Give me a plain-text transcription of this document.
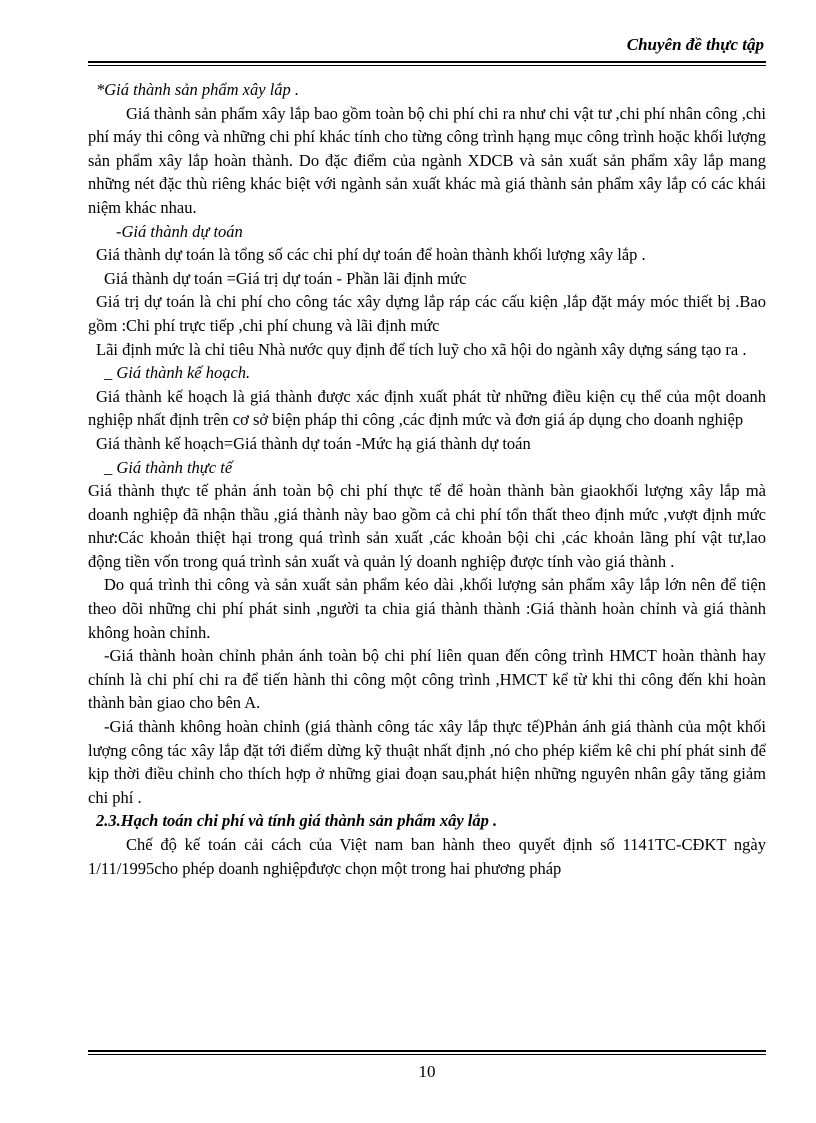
Chuyên đề thực tập

*Giá thành sản phẩm xây lắp .

Giá thành sản phẩm xây lắp bao gồm toàn bộ chi phí chi ra như chi vật tư ,chi phí nhân công ,chi phí máy thi công và những chi phí khác tính cho từng công trình hạng mục công trình hoặc khối lượng sản phẩm xây lắp hoàn thành. Do đặc điểm của ngành XDCB và sản xuất sản phẩm xây lắp mang những nét đặc thù riêng khác biệt với ngành sản xuất khác mà giá thành sản phẩm xây lắp có các khái niệm khác nhau.

-Giá thành dự toán

Giá thành dự toán là tổng số các chi phí dự toán để hoàn thành khối lượng xây lắp .

Giá thành dự toán =Giá trị dự toán - Phần lãi định mức

Giá trị dự toán là chi phí cho công tác xây dựng lắp ráp các cấu kiện ,lắp đặt máy móc thiết bị .Bao gồm :Chi phí trực tiếp ,chi phí chung và lãi định mức

Lãi định mức là chỉ tiêu Nhà nước quy định để tích luỹ cho xã hội do ngành xây dựng sáng tạo ra .

_ Giá thành kế hoạch.

Giá thành kế hoạch là giá thành được xác định xuất phát từ những điều kiện cụ thể của một doanh nghiệp nhất định trên cơ sở biện pháp thi công ,các định mức và đơn giá áp dụng cho doanh nghiệp

Giá thành kế hoạch=Giá thành dự toán -Mức hạ giá thành dự toán

_ Giá thành thực tế

Giá thành thực tế phản ánh toàn bộ chi phí thực tế để hoàn thành bàn giaokhối lượng xây lắp mà doanh nghiệp đã nhận thầu ,giá thành này bao gồm cả chi phí tổn thất theo định mức ,vượt định mức như:Các khoản thiệt hại trong quá trình sản xuất ,các khoản bội chi ,các khoản lãng phí vật tư,lao động tiền vốn trong quá trình sản xuất và quản lý doanh nghiệp được tính vào giá thành .

Do quá trình thi công và sản xuất sản phẩm kéo dài ,khối lượng sản phẩm xây lắp lớn nên để tiện theo dõi những chi phí phát sinh ,người ta chia giá thành thành :Giá thành hoàn chỉnh và giá thành không hoàn chỉnh.

-Giá thành hoàn chỉnh phản ánh toàn bộ chi phí liên quan đến công trình HMCT hoàn thành hay chính là chi phí chi ra để tiến hành thi công một công trình ,HMCT kể từ khi thi công đến khi hoàn thành bàn giao cho bên A.

-Giá thành không hoàn chỉnh (giá thành công tác xây lắp thực tế)Phản ánh giá thành của một khối lượng công tác xây lắp đặt tới điểm dừng kỹ thuật nhất định ,nó cho phép kiểm kê chi phí phát sinh để kịp thời điều chỉnh cho thích hợp ở những giai đoạn sau,phát hiện những nguyên nhân gây tăng giảm chi phí .

2.3.Hạch toán chi phí và tính giá thành sản phẩm xây lắp .

Chế độ kế toán cải cách của Việt nam ban hành theo quyết định số 1141TC-CĐKT ngày 1/11/1995cho phép doanh nghiệpđược chọn một trong hai phương pháp

10
